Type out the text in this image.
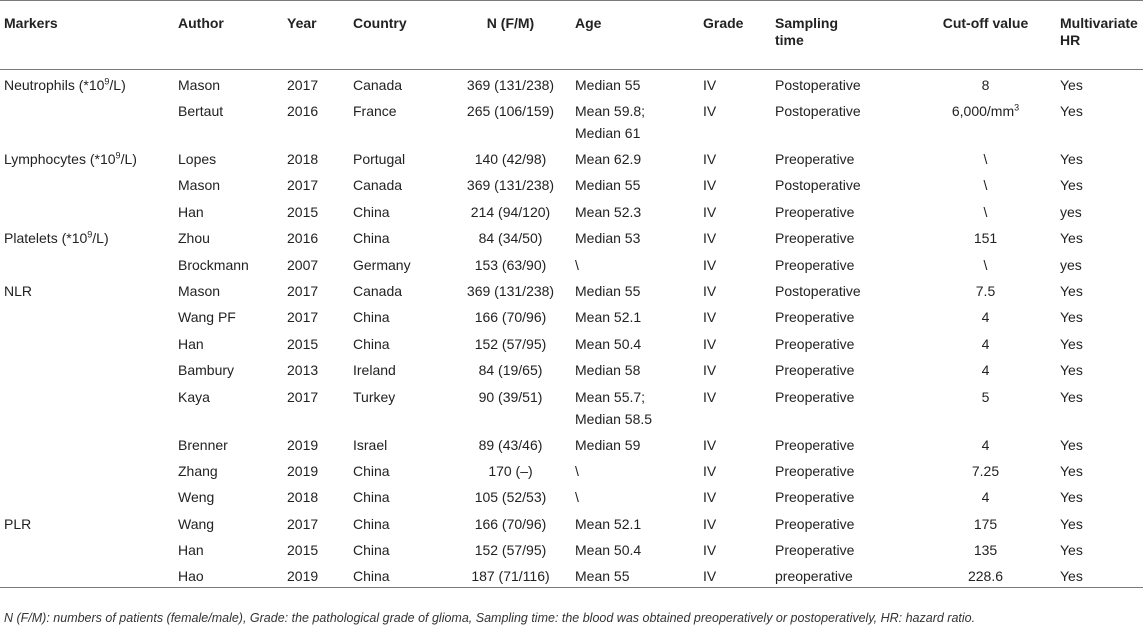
Markers	Author	Year	Country	N (F/M)	Age	Grade	Sampling
time	Cut-off value	Multivariate
HR

Neutrophils $(*10^9/L)$	Mason	2017	Canada	369 (131/238)	Median 55	IV	Postoperative	8	Yes
	Bertaut	2016	France	265 (106/159)	Mean 59.8;
Median 61	IV	Postoperative	$6,000/mm^3$	Yes
Lymphocytes $(*10^9/L)$	Lopes	2018	Portugal	140 (42/98)	Mean 62.9	IV	Preoperative	\	Yes
	Mason	2017	Canada	369 (131/238)	Median 55	IV	Postoperative	\	Yes
	Han	2015	China	214 (94/120)	Mean 52.3	IV	Preoperative	\	yes
Platelets $(*10^9/L)$	Zhou	2016	China	84 (34/50)	Median 53	IV	Preoperative	151	Yes
	Brockmann	2007	Germany	153 (63/90)	\	IV	Preoperative	\	yes
NLR	Mason	2017	Canada	369 (131/238)	Median 55	IV	Postoperative	7.5	Yes
	Wang PF	2017	China	166 (70/96)	Mean 52.1	IV	Preoperative	4	Yes
	Han	2015	China	152 (57/95)	Mean 50.4	IV	Preoperative	4	Yes
	Bambury	2013	Ireland	84 (19/65)	Median 58	IV	Preoperative	4	Yes
	Kaya	2017	Turkey	90 (39/51)	Mean 55.7;
Median 58.5	IV	Preoperative	5	Yes
	Brenner	2019	Israel	89 (43/46)	Median 59	IV	Preoperative	4	Yes
	Zhang	2019	China	170 (–)	\	IV	Preoperative	7.25	Yes
	Weng	2018	China	105 (52/53)	\	IV	Preoperative	4	Yes
PLR	Wang	2017	China	166 (70/96)	Mean 52.1	IV	Preoperative	175	Yes
	Han	2015	China	152 (57/95)	Mean 50.4	IV	Preoperative	135	Yes
	Hao	2019	China	187 (71/116)	Mean 55	IV	preoperative	228.6	Yes
N (F/M): numbers of patients (female/male), Grade: the pathological grade of glioma, Sampling time: the blood was obtained preoperatively or postoperatively, HR: hazard ratio.
